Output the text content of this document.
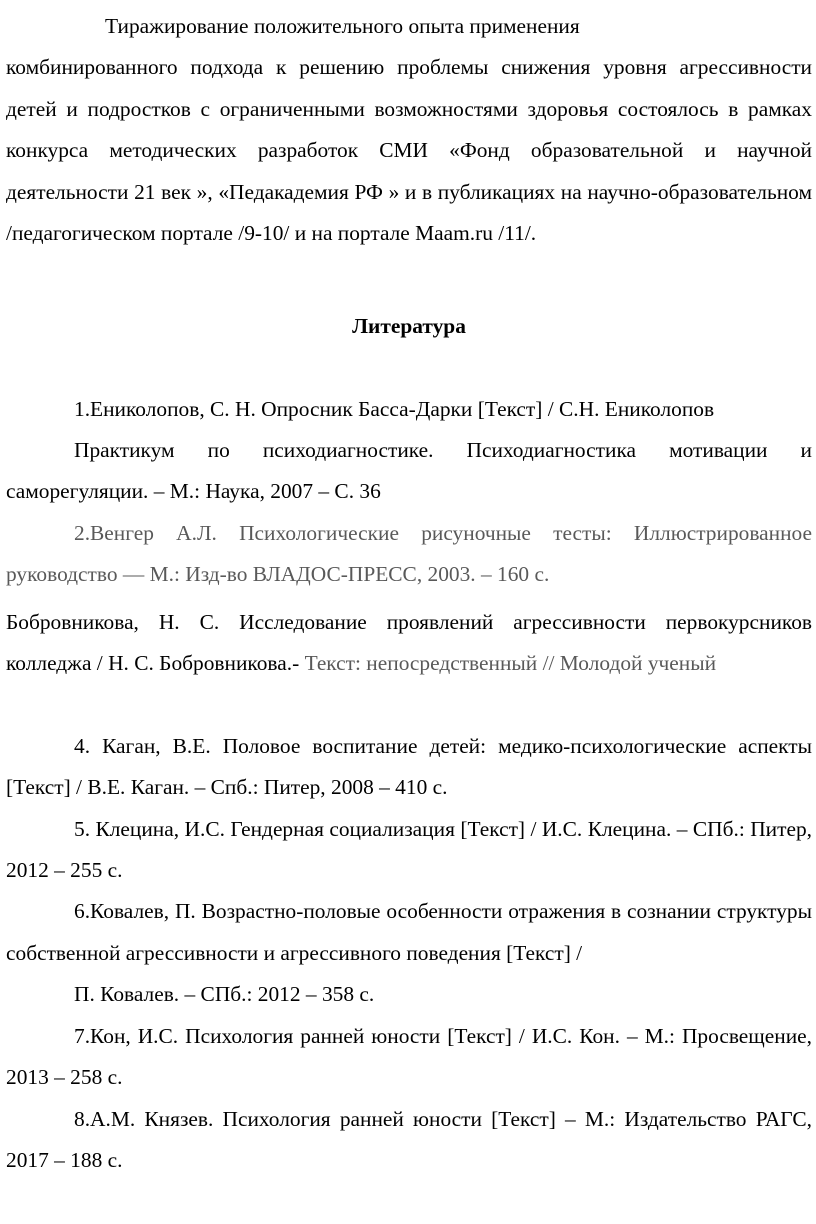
Тиражирование положительного опыта применения
комбинированного подхода к решению проблемы снижения уровня агрессивности детей и подростков с ограниченными возможностями здоровья состоялось в рамках конкурса методических разработок СМИ «Фонд образовательной и научной деятельности 21 век », «Педакадемия РФ » и в публикациях на научно-образовательном /педагогическом портале /9-10/ и на портале Maam.ru /11/.

Литература

1.Ениколопов, С. Н. Опросник Басса-Дарки [Текст] / С.Н. Ениколопов

Практикум по психодиагностике. Психодиагностика мотивации и саморегуляции. – М.: Наука, 2007 – С. 36

2.Венгер А.Л. Психологические рисуночные тесты: Иллюстрированное руководство — М.: Изд-во ВЛАДОС-ПРЕСС, 2003. – 160 с.

Бобровникова, Н. С. Исследование проявлений агрессивности первокурсников колледжа / Н. С. Бобровникова.- Текст: непосредственный // Молодой ученый

4. Каган, В.Е. Половое воспитание детей: медико-психологические аспекты [Текст] / В.Е. Каган. – Спб.: Питер, 2008 – 410 с.

5. Клецина, И.С. Гендерная социализация [Текст] / И.С. Клецина. – СПб.: Питер, 2012 – 255 с.

6.Ковалев, П. Возрастно-половые особенности отражения в сознании структуры собственной агрессивности и агрессивного поведения [Текст] /

П. Ковалев. – СПб.: 2012 – 358 с.

7.Кон, И.С. Психология ранней юности [Текст] / И.С. Кон. – М.: Просвещение, 2013 – 258 с.

8.А.М. Князев. Психология ранней юности [Текст] – М.: Издательство РАГС, 2017 – 188 с.
